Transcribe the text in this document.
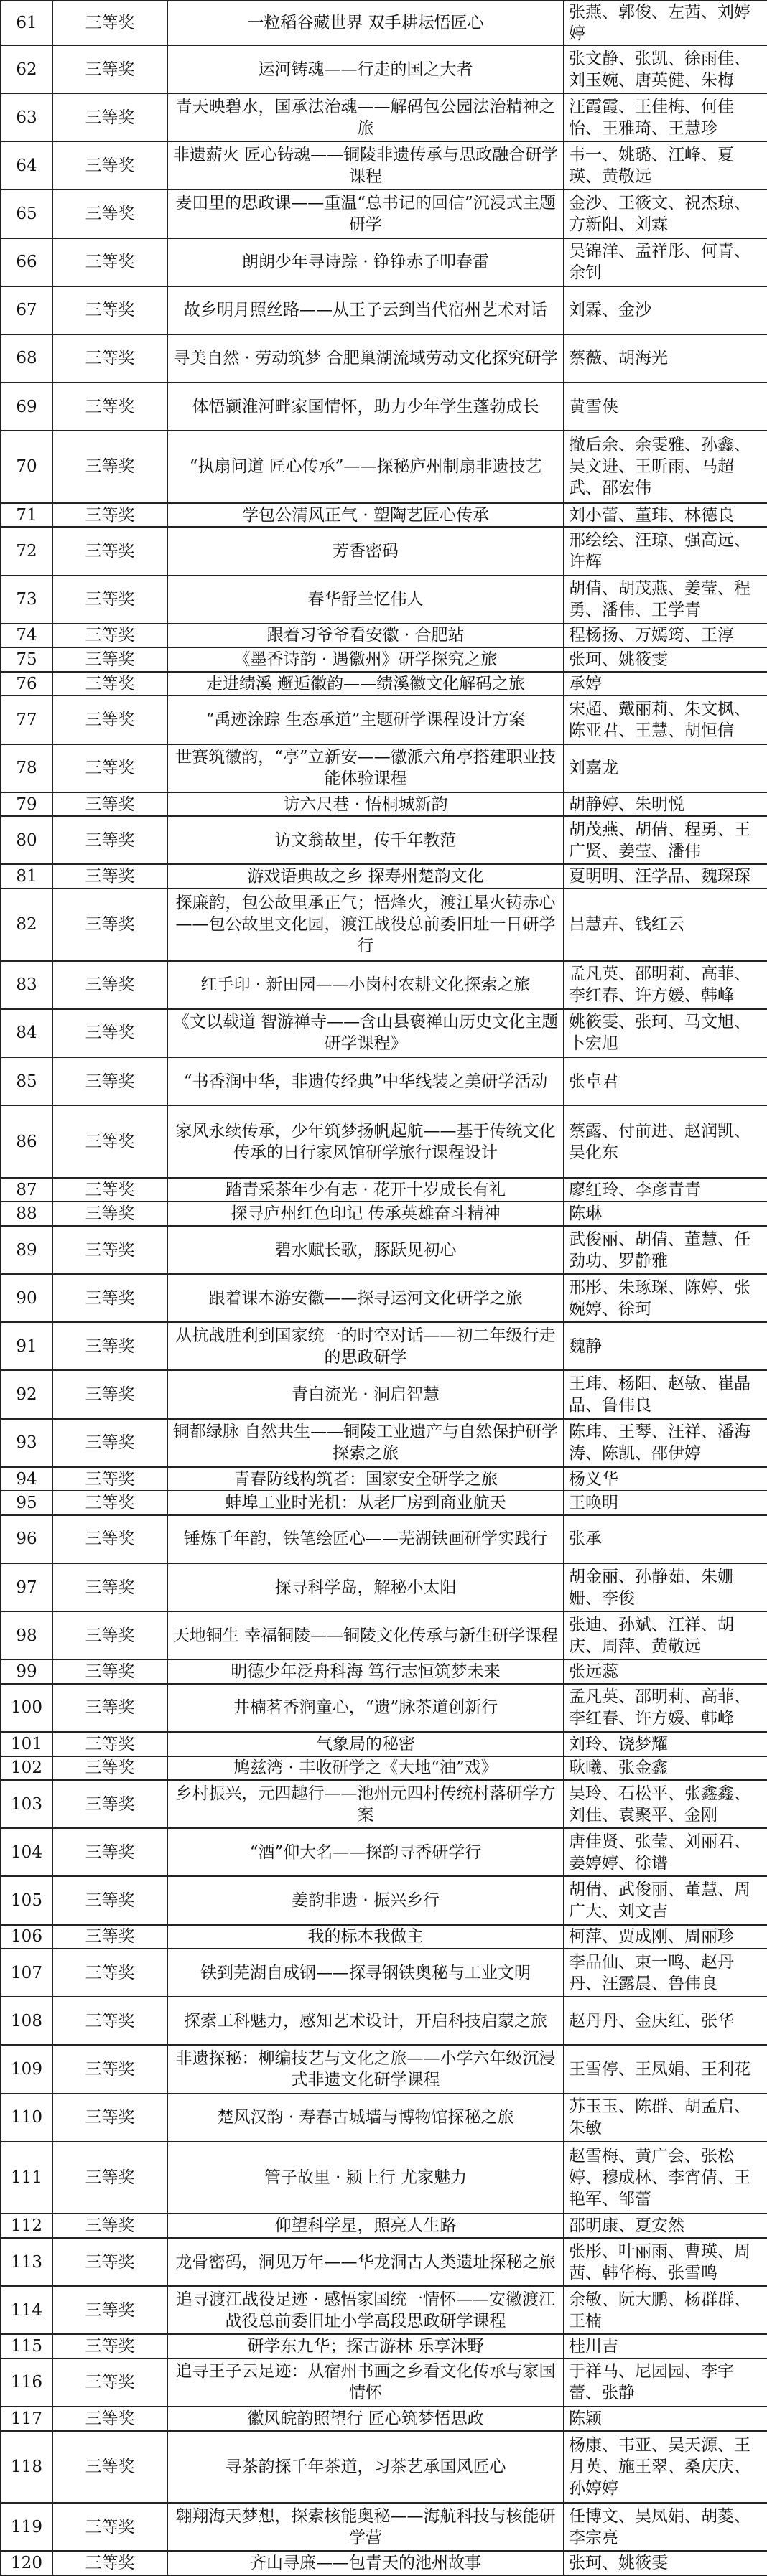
61	三等奖	一粒稻谷藏世界 双手耕耘悟匠心	张燕、郭俊、左茜、刘婷婷
62	三等奖	运河铸魂——行走的国之大者	张文静、张凯、徐雨佳、刘玉婉、唐英健、朱梅
63	三等奖	青天映碧水，国承法治魂——解码包公园法治精神之旅	汪霞霞、王佳梅、何佳怡、王雅琦、王慧珍
64	三等奖	非遗薪火 匠心铸魂——铜陵非遗传承与思政融合研学课程	韦一、姚璐、汪峰、夏瑛、黄敬远
65	三等奖	麦田里的思政课——重温“总书记的回信”沉浸式主题研学	金沙、王筱文、祝杰琼、方新阳、刘霖
66	三等奖	朗朗少年寻诗踪 · 铮铮赤子叩春雷	吴锦洋、孟祥彤、何青、余钊
67	三等奖	故乡明月照丝路——从王子云到当代宿州艺术对话	刘霖、金沙
68	三等奖	寻美自然 · 劳动筑梦 合肥巢湖流域劳动文化探究研学	蔡薇、胡海光
69	三等奖	体悟颍淮河畔家国情怀，助力少年学生蓬勃成长	黄雪侠
70	三等奖	“执扇问道 匠心传承”——探秘庐州制扇非遗技艺	撤后余、余雯雅、孙鑫、吴文进、王昕雨、马超武、邵宏伟
71	三等奖	学包公清风正气 · 塑陶艺匠心传承	刘小蕾、董玮、林德良
72	三等奖	芳香密码	邢绘绘、汪琼、强高远、许辉
73	三等奖	春华舒兰忆伟人	胡倩、胡茂燕、姜莹、程勇、潘伟、王学青
74	三等奖	跟着习爷爷看安徽 · 合肥站	程杨扬、万嫣筠、王淳
75	三等奖	《墨香诗韵 · 遇徽州》研学探究之旅	张珂、姚筱雯
76	三等奖	走进绩溪 邂逅徽韵——绩溪徽文化解码之旅	承婷
77	三等奖	“禹迹涂踪 生态承道”主题研学课程设计方案	宋超、戴丽莉、朱文枫、陈亚君、王慧、胡恒信
78	三等奖	世赛筑徽韵，“亭”立新安——徽派六角亭搭建职业技能体验课程	刘嘉龙
79	三等奖	访六尺巷 · 悟桐城新韵	胡静婷、朱明悦
80	三等奖	访文翁故里，传千年教范	胡茂燕、胡倩、程勇、王广贤、姜莹、潘伟
81	三等奖	游戏语典故之乡 探寿州楚韵文化	夏明明、汪学品、魏琛琛
82	三等奖	探廉韵，包公故里承正气；悟烽火，渡江星火铸赤心——包公故里文化园，渡江战役总前委旧址一日研学行	吕慧卉、钱红云
83	三等奖	红手印 · 新田园——小岗村农耕文化探索之旅	孟凡英、邵明莉、高菲、李红春、许方媛、韩峰
84	三等奖	《文以载道 智游禅寺——含山县褒禅山历史文化主题研学课程》	姚筱雯、张珂、马文旭、卜宏旭
85	三等奖	“书香润中华，非遗传经典”中华线装之美研学活动	张卓君
86	三等奖	家风永续传承，少年筑梦扬帆起航——基于传统文化传承的日行家风馆研学旅行课程设计	蔡露、付前进、赵润凯、吴化东
87	三等奖	踏青采茶年少有志 · 花开十岁成长有礼	廖红玲、李彦青青
88	三等奖	探寻庐州红色印记 传承英雄奋斗精神	陈琳
89	三等奖	碧水赋长歌，豚跃见初心	武俊丽、胡倩、董慧、任劲功、罗静雅
90	三等奖	跟着课本游安徽——探寻运河文化研学之旅	邢彤、朱琢琛、陈婷、张婉婷、徐珂
91	三等奖	从抗战胜利到国家统一的时空对话——初二年级行走的思政研学	魏静
92	三等奖	青白流光 · 洞启智慧	王玮、杨阳、赵敏、崔晶晶、鲁伟良
93	三等奖	铜都绿脉 自然共生——铜陵工业遗产与自然保护研学探索之旅	陈玮、王琴、汪祥、潘海涛、陈凯、邵伊婷
94	三等奖	青春防线构筑者：国家安全研学之旅	杨义华
95	三等奖	蚌埠工业时光机：从老厂房到商业航天	王唤明
96	三等奖	锤炼千年韵，铁笔绘匠心——芜湖铁画研学实践行	张承
97	三等奖	探寻科学岛，解秘小太阳	胡金丽、孙静茹、朱姗姗、李俊
98	三等奖	天地铜生 幸福铜陵——铜陵文化传承与新生研学课程	张迪、孙斌、汪祥、胡庆、周萍、黄敬远
99	三等奖	明德少年泛舟科海 笃行志恒筑梦未来	张远蕊
100	三等奖	井楠茗香润童心，“遗”脉茶道创新行	孟凡英、邵明莉、高菲、李红春、许方媛、韩峰
101	三等奖	气象局的秘密	刘玲、饶梦耀
102	三等奖	鸠兹湾 · 丰收研学之《大地“油”戏》	耿曦、张金鑫
103	三等奖	乡村振兴，元四趣行——池州元四村传统村落研学方案	吴玲、石松平、张鑫鑫、刘佳、袁聚平、金刚
104	三等奖	“酒”仰大名——探韵寻香研学行	唐佳贤、张莹、刘丽君、姜婷婷、徐谱
105	三等奖	姜韵非遗 · 振兴乡行	胡倩、武俊丽、董慧、周广大、刘文吉
106	三等奖	我的标本我做主	柯萍、贾成刚、周丽珍
107	三等奖	铁到芜湖自成钢——探寻钢铁奥秘与工业文明	李品仙、束一鸣、赵丹丹、汪露晨、鲁伟良
108	三等奖	探索工科魅力，感知艺术设计，开启科技启蒙之旅	赵丹丹、金庆红、张华
109	三等奖	非遗探秘：柳编技艺与文化之旅——小学六年级沉浸式非遗文化研学课程	王雪停、王凤娟、王利花
110	三等奖	楚风汉韵 · 寿春古城墙与博物馆探秘之旅	苏玉玉、陈群、胡孟启、朱敏
111	三等奖	管子故里 · 颍上行 尤家魅力	赵雪梅、黄广会、张松婷、穆成林、李宵倩、王艳军、邹蕾
112	三等奖	仰望科学星，照亮人生路	邵明康、夏安然
113	三等奖	龙骨密码，洞见万年——华龙洞古人类遗址探秘之旅	张彤、叶丽雨、曹瑛、周茜、韩华梅、张雪鸣
114	三等奖	追寻渡江战役足迹 · 感悟家国统一情怀——安徽渡江战役总前委旧址小学高段思政研学课程	余敏、阮大鹏、杨群群、王楠
115	三等奖	研学东九华；探古游林 乐享沐野	桂川吉
116	三等奖	追寻王子云足迹：从宿州书画之乡看文化传承与家国情怀	于祥马、尼园园、李宇蕾、张静
117	三等奖	徽风皖韵照望行 匠心筑梦悟思政	陈颖
118	三等奖	寻茶韵探千年茶道，习茶艺承国风匠心	杨康、韦亚、吴天源、王月英、施王翠、桑庆庆、孙婷婷
119	三等奖	翱翔海天梦想，探索核能奥秘——海航科技与核能研学营	任博文、吴凤娟、胡菱、李宗亮
120	三等奖	齐山寻廉——包青天的池州故事	张珂、姚筱雯
